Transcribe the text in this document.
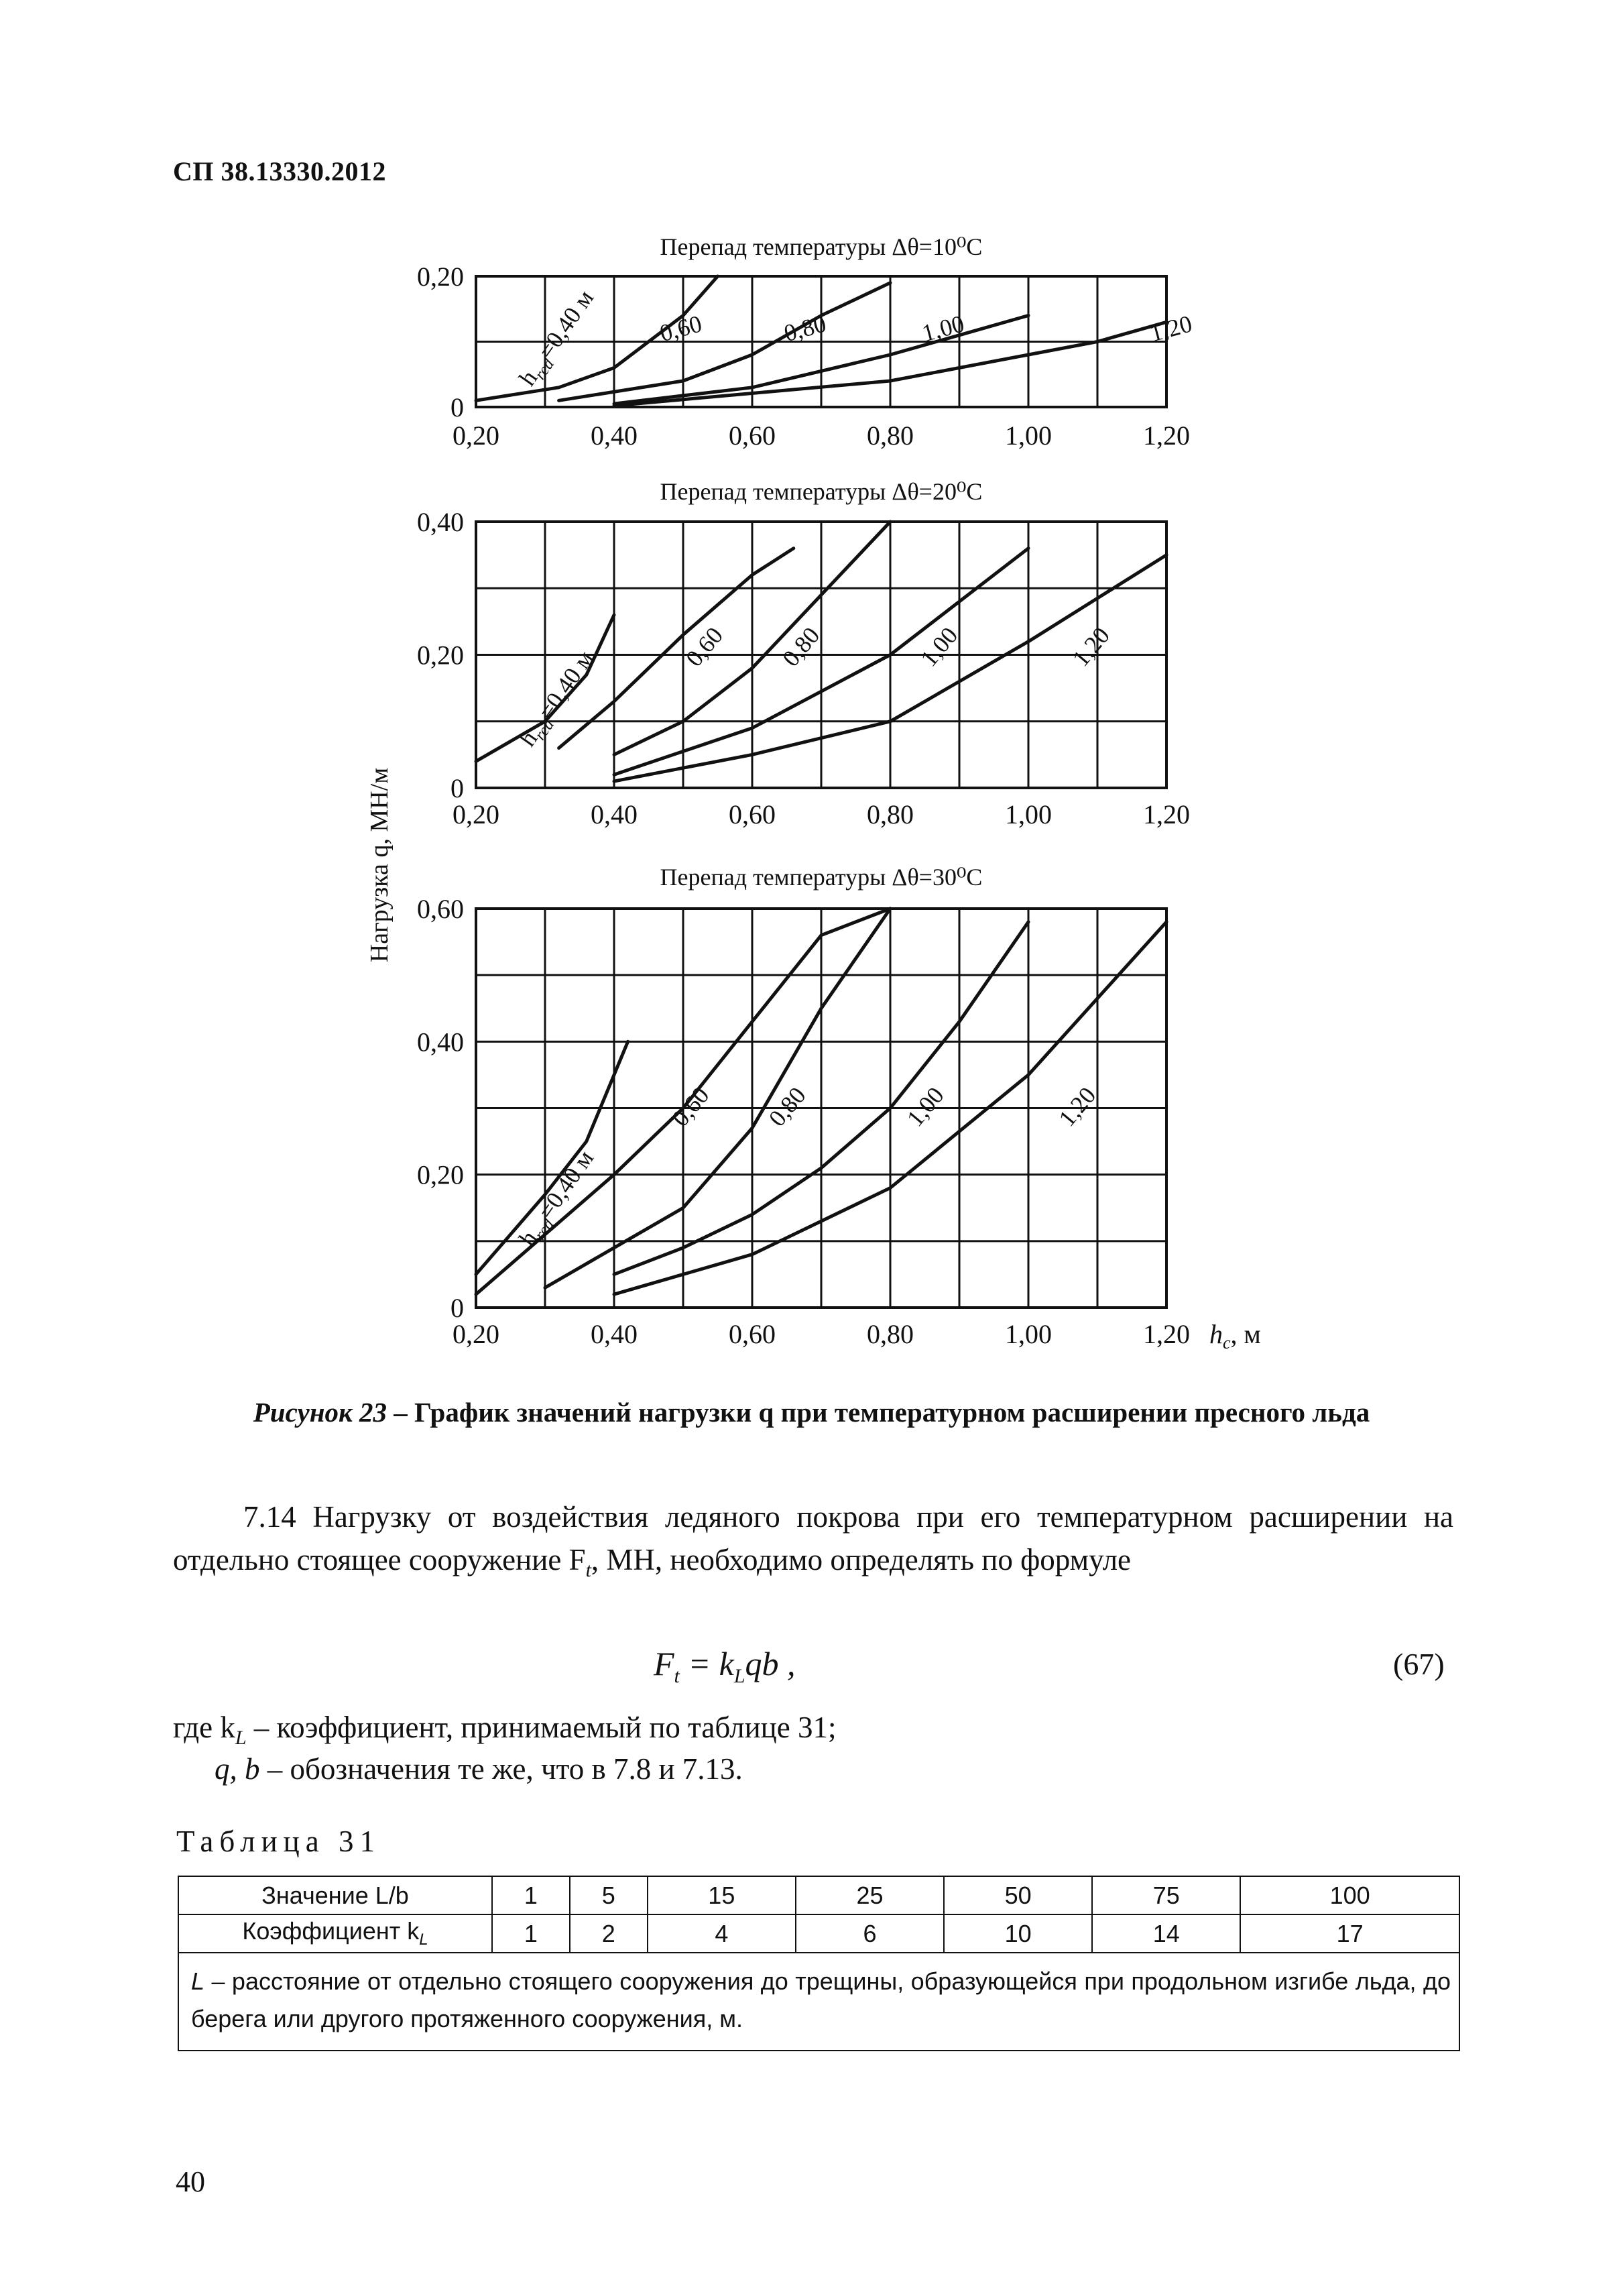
СП 38.13330.2012
Перепад температуры Δθ=10⁰C
0,20
0
0,20	0,40	0,60	0,80	1,00	1,20
$h_{red}=0,40$ м 0,60	0,80	1,00	1,20
Перепад температуры Δθ=20⁰C
0,40
0,20
0
0,20	0,40	0,60	0,80	1,00	1,20
$h_{red}=0,40$ м	0,60 0,80	1,00	1,20
Перепад температуры Δθ=30⁰C
0,60
0,40
0,20
0
0,20	0,40	0,60	0,80	1,00	1,20
$h_{red}=0,40$ м
0,60 0,80	1,00	1,20
Нагрузка q, МН/м
$h_c$, м
Рисунок 23 – График значений нагрузки q при температурном расширении пресного льда
7.14 Нагрузку от воздействия ледяного покрова при его температурном расширении на отдельно стоящее сооружение $F_t$, МН, необходимо определять по формуле
$F_t = k_Lqb$ ,	(67)
где $k_L$ – коэффициент, принимаемый по таблице 31;
q, b – обозначения те же, что в 7.8 и 7.13.
Таблица 31
Значение L/b	1	5	15	25	50	75	100
Коэффициент $k_L$	1	2	4	6	10	14	17
L – расстояние от отдельно стоящего сооружения до трещины, образующейся при продольном изгибе льда, до берега или другого протяженного сооружения, м.							
40
